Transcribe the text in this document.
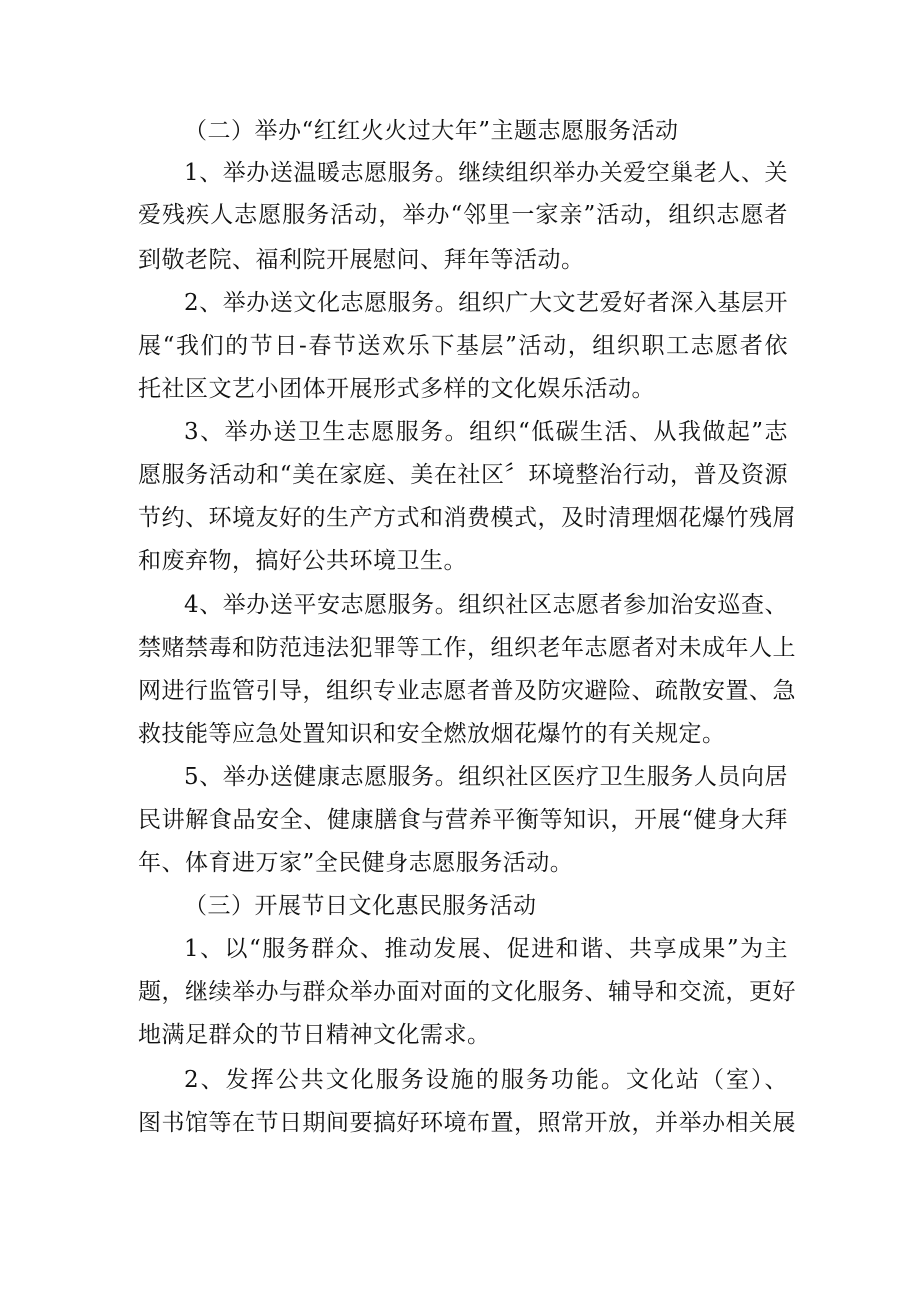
（二）举办“红红火火过大年”主题志愿服务活动
1、举办送温暖志愿服务。继续组织举办关爱空巢老人、关
爱残疾人志愿服务活动，举办“邻里一家亲”活动，组织志愿者
到敬老院、福利院开展慰问、拜年等活动。
2、举办送文化志愿服务。组织广大文艺爱好者深入基层开
展“我们的节日-春节送欢乐下基层”活动，组织职工志愿者依
托社区文艺小团体开展形式多样的文化娱乐活动。
3、举办送卫生志愿服务。组织“低碳生活、从我做起”志
愿服务活动和“美在家庭、美在社区〞环境整治行动，普及资源
节约、环境友好的生产方式和消费模式，及时清理烟花爆竹残屑
和废弃物，搞好公共环境卫生。
4、举办送平安志愿服务。组织社区志愿者参加治安巡查、
禁赌禁毒和防范违法犯罪等工作，组织老年志愿者对未成年人上
网进行监管引导，组织专业志愿者普及防灾避险、疏散安置、急
救技能等应急处置知识和安全燃放烟花爆竹的有关规定。
5、举办送健康志愿服务。组织社区医疗卫生服务人员向居
民讲解食品安全、健康膳食与营养平衡等知识，开展“健身大拜
年、体育进万家”全民健身志愿服务活动。
（三）开展节日文化惠民服务活动
1、以“服务群众、推动发展、促进和谐、共享成果”为主
题，继续举办与群众举办面对面的文化服务、辅导和交流，更好
地满足群众的节日精神文化需求。
2、发挥公共文化服务设施的服务功能。文化站（室）、
图书馆等在节日期间要搞好环境布置，照常开放，并举办相关展
